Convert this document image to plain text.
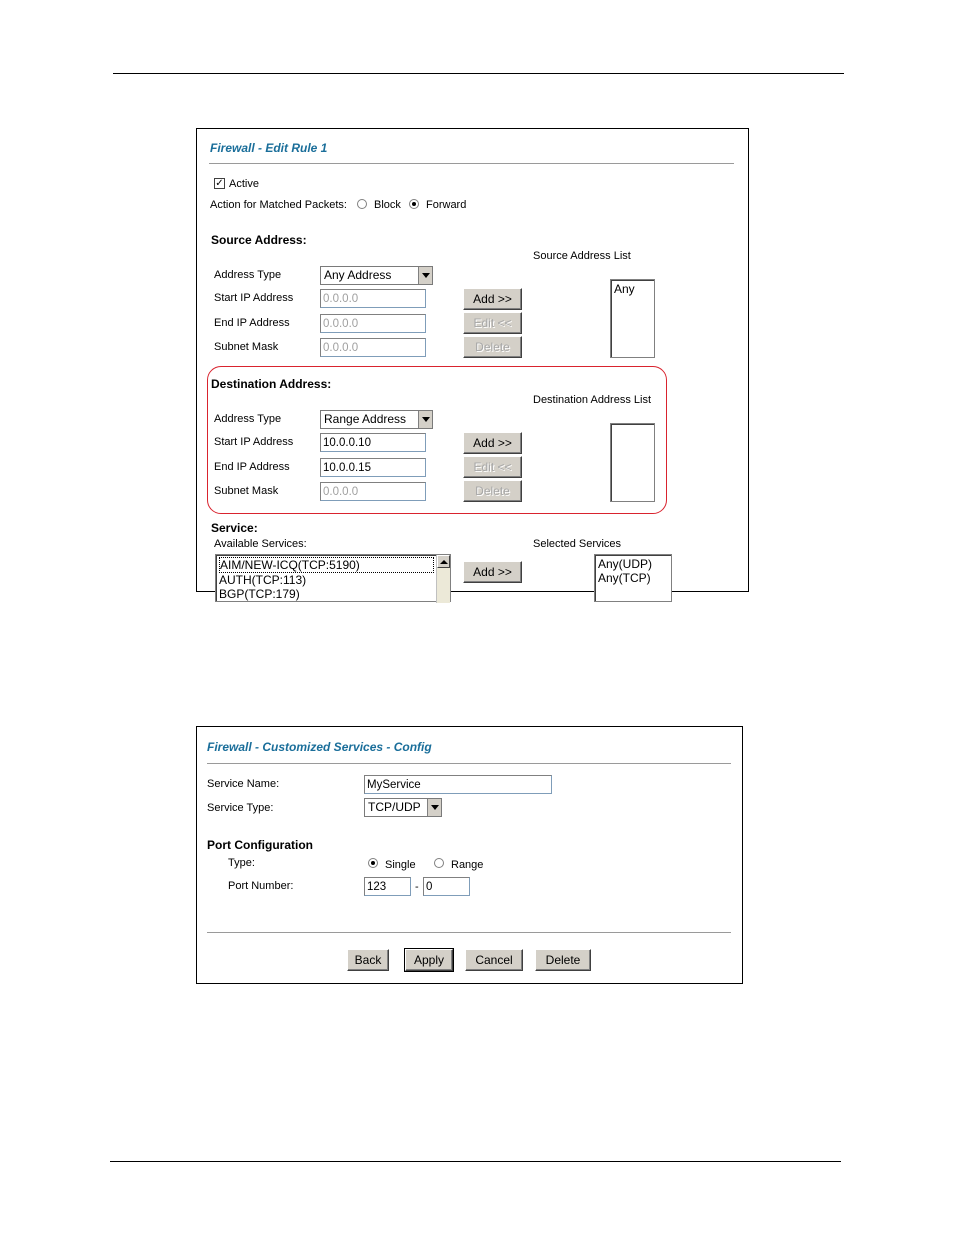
Firewall - Edit Rule 1
✓ Active
Action for Matched Packets: Block Forward
Source Address:
Source Address List
Address Type	Any Address
Start IP Address	0.0.0.0	Add >>
End IP Address	0.0.0.0	Edit <<
Subnet Mask	0.0.0.0	Delete
Any
Destination Address:
Destination Address List
Address Type	Range Address
Start IP Address	10.0.0.10	Add >>
End IP Address	10.0.0.15	Edit <<
Subnet Mask	0.0.0.0	Delete
Service:
Available Services:	Selected Services
AIM/NEW-ICQ(TCP:5190)
AUTH(TCP:113)
BGP(TCP:179)
Add >>
Any(UDP)
Any(TCP)
Firewall - Customized Services - Config
Service Name:	MyService
Service Type:	TCP/UDP
Port Configuration
Type:	Single	Range
Port Number:	123	- 0
Back	Apply	Cancel	Delete
